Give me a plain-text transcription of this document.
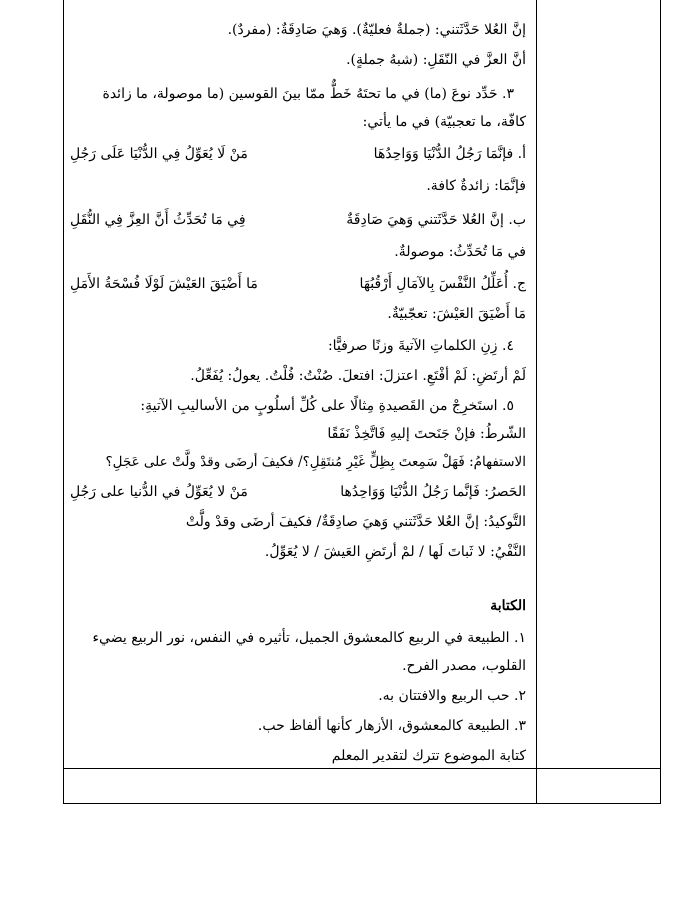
إنَّ العُلا حَدَّثَتني: (جملةٌ فعليّةٌ). وَهيَ صَادِقَةٌ: (مفردٌ).
أنَّ العزَّ في النّقَلِ: (شبهُ جملةٍ).
٣. حَدِّد نوعَ (ما) في ما تحتَهُ خَطٌّ ممّا بينَ القوسين (ما موصولة، ما زائدة
كافّة، ما تعجبيّة) في ما يأتي:
أ. فإنَّمَا رَجُلُ الدُّنْيَا وَوَاحِدُهَا
مَنْ لَا يُعَوِّلُ فِي الدُّنْيَا عَلَى رَجُلِ
فإنَّمَا: زائدةٌ كافة.
ب. إنَّ العُلا حَدَّثَتني وَهيَ صَادِقَةٌ
فِي مَا تُحَدِّثُ أَنَّ العِزَّ فِي النُّقَلِ
في مَا تُحَدِّثُ: موصولةٌ.
ج. أُعَلِّلُ النَّفْسَ بِالآمَالِ أَرْقُبُهَا
مَا أَضْيَقَ العَيْشَ لَوْلَا فُسْحَةُ الأَمَلِ
مَا أَضْيَقَ العَيْشَ: تعجّبيّةٌ.
٤. زِنِ الكلماتِ الآتيةَ وزنًا صرفيًّا:
لَمْ أرتَضِ: لَمْ أفْتَعِ. اعتزلَ: افتعلَ. صُنْتُ: فُلْتُ. يعولُ: يُفَعِّلُ.
٥. استَخرِجْ من القَصيدةِ مِثالًا على كُلِّ أسلُوبٍ من الأساليبِ الآتيةِ:
الشّرطُ: فإنْ جَنَحتَ إليهِ فَاتَّخِذْ نَفَقًا
الاستفهامُ: فَهَلْ سَمِعتَ بِظِلٍّ غَيْرِ مُنتَقِلِ؟/ فكيفَ أرضَى وقدْ ولَّتْ على عَجَلِ؟
الحَصرُ: فَإنَّما رَجُلُ الدُّنْيَا وَوَاحِدُها
مَنْ لا يُعَوِّلُ في الدُّنيا على رَجُلِ
التَّوكيدُ: إنَّ العُلا حَدَّثَتني وَهيَ صادِقَةٌ/ فكيفَ أرضَى وقدْ ولَّتْ
النَّفْيُ: لا ثَباتَ لَها / لمْ أرتَضِ العَيشَ / لا يُعَوِّلُ.
الكتابة
١. الطبيعة في الربيع كالمعشوق الجميل، تأثيره في النفس، نور الربيع يضيء
القلوب، مصدر الفرح.
٢. حب الربيع والافتتان به.
٣. الطبيعة كالمعشوق، الأزهار كأنها ألفاظ حب.
كتابة الموضوع تترك لتقدير المعلم
